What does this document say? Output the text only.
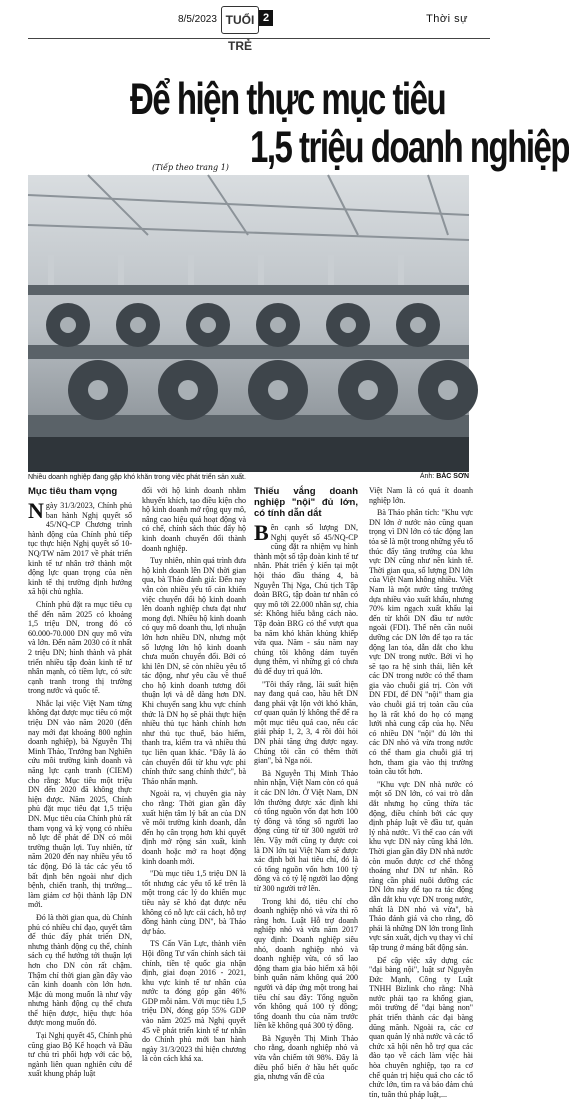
8/5/2023 TUỔI TRẺ
2	Thời sự
Để hiện thực mục tiêu
1,5 triệu doanh nghiệp
(Tiếp theo trang 1)
Nhiều doanh nghiệp đang gặp khó khăn trong việc phát triển sản xuất.	Ảnh: BẮC SƠN
Mục tiêu tham vọng

Ngày 31/3/2023, Chính phủ ban hành Nghị quyết số 45/NQ-CP Chương trình hành động của Chính phủ tiếp tục thực hiện Nghị quyết số 10-NQ/TW năm 2017 về phát triển kinh tế tư nhân trở thành một động lực quan trọng của nền kinh tế thị trường định hướng xã hội chủ nghĩa.

Chính phủ đặt ra mục tiêu cụ thể đến năm 2025 có khoảng 1,5 triệu DN, trong đó có 60.000-70.000 DN quy mô vừa và lớn. Đến năm 2030 có ít nhất 2 triệu DN; hình thành và phát triển nhiều tập đoàn kinh tế tư nhân mạnh, có tiềm lực, có sức cạnh tranh trong thị trường trong nước và quốc tế.

Nhắc lại việc Việt Nam từng không đạt được mục tiêu có một triệu DN vào năm 2020 (đến nay mới đạt khoảng 800 nghìn doanh nghiệp), bà Nguyễn Thị Minh Thảo, Trưởng ban Nghiên cứu môi trường kinh doanh và năng lực cạnh tranh (CIEM) cho rằng: Mục tiêu một triệu DN đến 2020 đã không thực hiện được. Năm 2025, Chính phủ đặt mục tiêu đạt 1,5 triệu DN. Mục tiêu của Chính phủ rất tham vọng và kỳ vọng có nhiều nỗ lực để phát để DN có môi trường thuận lợi. Tuy nhiên, từ năm 2020 đến nay nhiều yếu tố tác động. Đó là tác các yếu tố bất định bên ngoài như dịch bệnh, chiến tranh, thị trường... làm giảm cơ hội thành lập DN mới.

Đó là thời gian qua, dù Chính phủ có nhiều chỉ đạo, quyết tâm để thúc đẩy phát triển DN, nhưng thành động cụ thể, chính sách cụ thể hướng tới thuận lợi hơn cho DN còn rất chậm. Thậm chí thời gian gần đây vào căn kinh doanh còn lớn hơn. Mặc dù mong muốn là như vậy nhưng hành động cụ thể chưa thể hiện được, hiệu thực hóa được mong muốn đó.

Tại Nghị quyết 45, Chính phủ cũng giao Bộ Kế hoạch và Đầu tư chủ trì phối hợp với các bộ, ngành liên quan nghiên cứu để xuất khung pháp luật

đối với hộ kinh doanh nhằm khuyến khích, tạo điều kiện cho hộ kinh doanh mở rộng quy mô, nâng cao hiệu quả hoạt động và có chế, chính sách thúc đẩy hộ kinh doanh chuyển đổi thành doanh nghiệp.

Tuy nhiên, nhìn quá trình đưa hộ kinh doanh lên DN thời gian qua, bà Thảo đánh giá: Đến nay vẫn còn nhiều yếu tố cản khiến việc chuyển đổi hộ kinh doanh lên doanh nghiệp chưa đạt như mong đợi. Nhiều hộ kinh doanh có quy mô doanh thu, lợi nhuận lớn hơn nhiều DN, nhưng một số lượng lớn hộ kinh doanh chưa muốn chuyển đổi. Bởi có khi lên DN, sẽ còn nhiều yêu tố tác động, như yêu cầu về thuế cho hộ kinh doanh tương đối thuận lợi và dễ dàng hơn DN. Khi chuyển sang khu vực chính thức là DN họ sẽ phải thực hiện nhiều thủ tục hành chính hơn như thủ tục thuế, bảo hiểm, thanh tra, kiểm tra và nhiều thủ tục liên quan khác. "Đây là áo cản chuyển đổi từ khu vực phi chính thức sang chính thức", bà Thảo nhấn mạnh.

Ngoài ra, vị chuyên gia này cho rằng: Thời gian gần đây xuất hiện tâm lý bất an của DN về môi trường kinh doanh, dẫn đến họ cân trọng hơn khi quyết định mở rộng sản xuất, kinh doanh hoặc mở ra hoạt động kinh doanh mới.

"Dù mục tiêu 1,5 triệu DN là tốt nhưng các yếu tố kể trên là một trong các lý do khiến mục tiêu này sẽ khó đạt được nếu không có nỗ lực cải cách, hỗ trợ đồng hành cùng DN", bà Thảo dự báo.

TS Cấn Văn Lực, thành viên Hội đồng Tư vấn chính sách tài chính, tiền tệ quốc gia nhận định, giai đoạn 2016 - 2021, khu vực kinh tế tư nhân của nước ta đóng góp gần 46% GDP mỗi năm. Với mục tiêu 1,5 triệu DN, đóng góp 55% GDP vào năm 2025 mà Nghị quyết 45 về phát triển kinh tế tư nhân do Chính phủ mới ban hành ngày 31/3/2023 thì hiện chương là còn cách khá xa.

Thiếu vắng doanh nghiệp "nội" đủ lớn, có tính dẫn dắt

Bên cạnh số lượng DN, Nghị quyết số 45/NQ-CP cũng đặt ra nhiệm vụ hình thành một số tập đoàn kinh tế tư nhân. Phát triển ý kiến tại một hội thảo đầu tháng 4, bà Nguyễn Thị Nga, Chủ tịch Tập đoàn BRG, tập đoàn tư nhân có quy mô tới 22.000 nhân sự, chia sẻ: Không hiểu bằng cách nào. Tập đoàn BRG có thể vượt qua ba năm khó khăn khủng khiếp vừa qua. Năm - sáu năm nay chúng tôi không dám tuyển dụng thêm, vì những gì có chưa đủ để duy trì quá lớn.

"Tôi thấy rằng, lãi suất hiện nay đang quá cao, hầu hết DN đang phải vật lộn với khó khăn, cơ quan quản lý không thể để ra một mục tiêu quá cao, nếu các giải pháp 1, 2, 3, 4 rồi đòi hỏi DN phải tăng ứng được ngay. Chúng tôi cần có thêm thời gian", bà Nga nói.

Bà Nguyễn Thị Minh Thảo nhìn nhận, Việt Nam còn có quá ít các DN lớn. Ở Việt Nam, DN lớn thường được xác định khi có tổng nguồn vốn đạt hơn 100 tỷ đồng và tổng số người lao động cũng từ từ 300 người trở lên. Vậy mới cũng ty được coi là DN lớn tại Việt Nam sẽ được xác định bởi hai tiêu chí, đó là có tổng nguồn vốn hơn 100 tỷ đồng và có tỷ lệ người lao động từ 300 người trở lên.

Trong khi đó, tiêu chí cho doanh nghiệp nhỏ và vừa thì rõ ràng hơn. Luật Hỗ trợ doanh nghiệp nhỏ và vừa năm 2017 quy định: Doanh nghiệp siêu nhỏ, doanh nghiệp nhỏ và doanh nghiệp vừa, có số lao động tham gia bảo hiểm xã hội bình quân năm không quá 200 người và đáp ứng một trong hai tiêu chí sau đây: Tổng nguồn vốn không quá 100 tỷ đồng; tổng doanh thu của năm trước liền kề không quá 300 tỷ đồng.

Bà Nguyễn Thị Minh Thảo cho rằng, doanh nghiệp nhỏ và vừa vẫn chiếm tới 98%. Đây là điều phổ biến ở hầu hết quốc gia, nhưng vấn đề của

Việt Nam là có quá ít doanh nghiệp lớn.

Bà Thảo phân tích: "Khu vực DN lớn ở nước nào cũng quan trọng vì DN lớn có tác động lan tỏa sẽ là một trong những yếu tố thúc đẩy tăng trưởng của khu vực DN cũng như nền kinh tế. Thời gian qua, số lượng DN lớn của Việt Nam không nhiều. Việt Nam là một nước tăng trưởng dựa nhiều vào xuất khẩu, nhưng 70% kim ngạch xuất khẩu lại đến từ khối DN đầu tư nước ngoài (FDI). Thế nên cần nuôi dưỡng các DN lớn để tạo ra tác động lan tỏa, dẫn dắt cho khu vực DN trong nước. Bởi vì họ sẽ tạo ra hệ sinh thái, liên kết các DN trong nước có thể tham gia vào chuỗi giá trị. Còn với DN FDI, để DN "nội" tham gia vào chuỗi giá trị toàn cầu của họ là rất khó do họ có mạng lưới nhà cung cấp của họ. Nếu có nhiều DN "nội" đủ lớn thì các DN nhỏ và vừa trong nước có thể tham gia chuỗi giá trị hơn, tham gia vào thị trường toàn cầu tốt hơn.

"Khu vực DN nhà nước có một số DN lớn, có vai trò dẫn dắt nhưng họ cũng thừa tác động, điều chỉnh bởi các quy định pháp luật về đầu tư, quản lý nhà nước. Vì thế cao cán với khu vực DN này cũng khá lớn. Thời gian gần đây DN nhà nước còn muốn được cơ chế thông thoáng như DN tư nhân. Rõ ràng cần phải nuôi dưỡng các DN lớn này để tạo ra tác động dẫn dắt khu vực DN trong nước, nhất là DN nhỏ và vừa", bà Thảo đánh giá và cho rằng, đồ phải là những DN lớn trong lĩnh vực sản xuất, dịch vụ thay vì chỉ tập trung ở mảng bất động sản.

Để cập việc xây dựng các "đại bàng nội", luật sư Nguyễn Đức Mạnh, Công ty Luật TNHH Bizlink cho rằng: Nhà nước phải tạo ra khống gian, môi trường để "đại bàng non" phát triển thành các đại bàng dũng mãnh. Ngoài ra, các cơ quan quản lý nhà nước và các tổ chức xã hội nên hỗ trợ qua các đào tạo về cách làm việc hài hòa chuyên nghiệp, tạo ra cơ chế quản trị hiệu quả cho các tổ chức lớn, tìm ra và bảo đảm chủ tín, tuân thủ pháp luật,...
